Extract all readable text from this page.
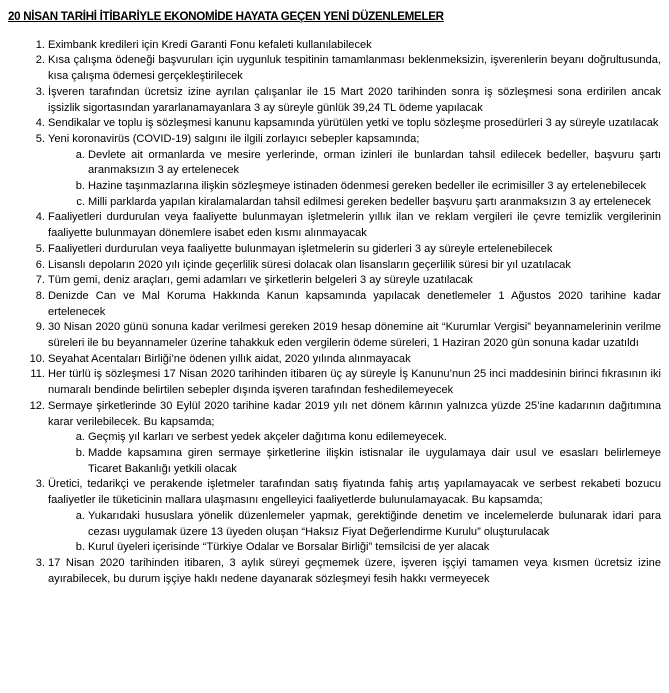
20 NİSAN TARİHİ İTİBARİYLE EKONOMİDE HAYATA GEÇEN YENİ DÜZENLEMELER
1. Eximbank kredileri için Kredi Garanti Fonu kefaleti kullanılabilecek
2. Kısa çalışma ödeneği başvuruları için uygunluk tespitinin tamamlanması beklenmeksizin, işverenlerin beyanı doğrultusunda, kısa çalışma ödemesi gerçekleştirilecek
3. İşveren tarafından ücretsiz izine ayrılan çalışanlar ile 15 Mart 2020 tarihinden sonra iş sözleşmesi sona erdirilen ancak işsizlik sigortasından yararlanamayanlara 3 ay süreyle günlük 39,24 TL ödeme yapılacak
4. Sendikalar ve toplu iş sözleşmesi kanunu kapsamında yürütülen yetki ve toplu sözleşme prosedürleri 3 ay süreyle uzatılacak
5. Yeni koronavirüs (COVID-19) salgını ile ilgili zorlayıcı sebepler kapsamında;
a. Devlete ait ormanlarda ve mesire yerlerinde, orman izinleri ile bunlardan tahsil edilecek bedeller, başvuru şartı aranmaksızın 3 ay ertelenecek
b. Hazine taşınmazlarına ilişkin sözleşmeye istinaden ödenmesi gereken bedeller ile ecrimisiller 3 ay ertelenebilecek
c. Milli parklarda yapılan kiralamalardan tahsil edilmesi gereken bedeller başvuru şartı aranmaksızın 3 ay ertelenecek
4. Faaliyetleri durdurulan veya faaliyette bulunmayan işletmelerin yıllık ilan ve reklam vergileri ile çevre temizlik vergilerinin faaliyette bulunmayan dönemlere isabet eden kısmı alınmayacak
5. Faaliyetleri durdurulan veya faaliyette bulunmayan işletmelerin su giderleri 3 ay süreyle ertelenebilecek
6. Lisanslı depoların 2020 yılı içinde geçerlilik süresi dolacak olan lisansların geçerlilik süresi bir yıl uzatılacak
7. Tüm gemi, deniz araçları, gemi adamları ve şirketlerin belgeleri 3 ay süreyle uzatılacak
8. Denizde Can ve Mal Koruma Hakkında Kanun kapsamında yapılacak denetlemeler 1 Ağustos 2020 tarihine kadar ertelenecek
9. 30 Nisan 2020 günü sonuna kadar verilmesi gereken 2019 hesap dönemine ait “Kurumlar Vergisi” beyannamelerinin verilme süreleri ile bu beyannameler üzerine tahakkuk eden vergilerin ödeme süreleri, 1 Haziran 2020 gün sonuna kadar uzatıldı
10. Seyahat Acentaları Birliği’ne ödenen yıllık aidat, 2020 yılında alınmayacak
11. Her türlü iş sözleşmesi 17 Nisan 2020 tarihinden itibaren üç ay süreyle İş Kanunu’nun 25 inci maddesinin birinci fıkrasının iki numaralı bendinde belirtilen sebepler dışında işveren tarafından feshedilemeyecek
12. Sermaye şirketlerinde 30 Eylül 2020 tarihine kadar 2019 yılı net dönem kârının yalnızca yüzde 25’ine kadarının dağıtımına karar verilebilecek. Bu kapsamda;
a. Geçmiş yıl karları ve serbest yedek akçeler dağıtıma konu edilemeyecek.
b. Madde kapsamına giren sermaye şirketlerine ilişkin istisnalar ile uygulamaya dair usul ve esasları belirlemeye Ticaret Bakanlığı yetkili olacak
3. Üretici, tedarikçi ve perakende işletmeler tarafından satış fiyatında fahiş artış yapılamayacak ve serbest rekabeti bozucu faaliyetler ile tüketicinin mallara ulaşmasını engelleyici faaliyetlerde bulunulamayacak. Bu kapsamda;
a. Yukarıdaki hususlara yönelik düzenlemeler yapmak, gerektiğinde denetim ve incelemelerde bulunarak idari para cezası uygulamak üzere 13 üyeden oluşan “Haksız Fiyat Değerlendirme Kurulu” oluşturulacak
b. Kurul üyeleri içerisinde “Türkiye Odalar ve Borsalar Birliği” temsilcisi de yer alacak
3. 17 Nisan 2020 tarihinden itibaren, 3 aylık süreyi geçmemek üzere, işveren işçiyi tamamen veya kısmen ücretsiz izine ayırabilecek, bu durum işçiye haklı nedene dayanarak sözleşmeyi fesih hakkı vermeyecek
